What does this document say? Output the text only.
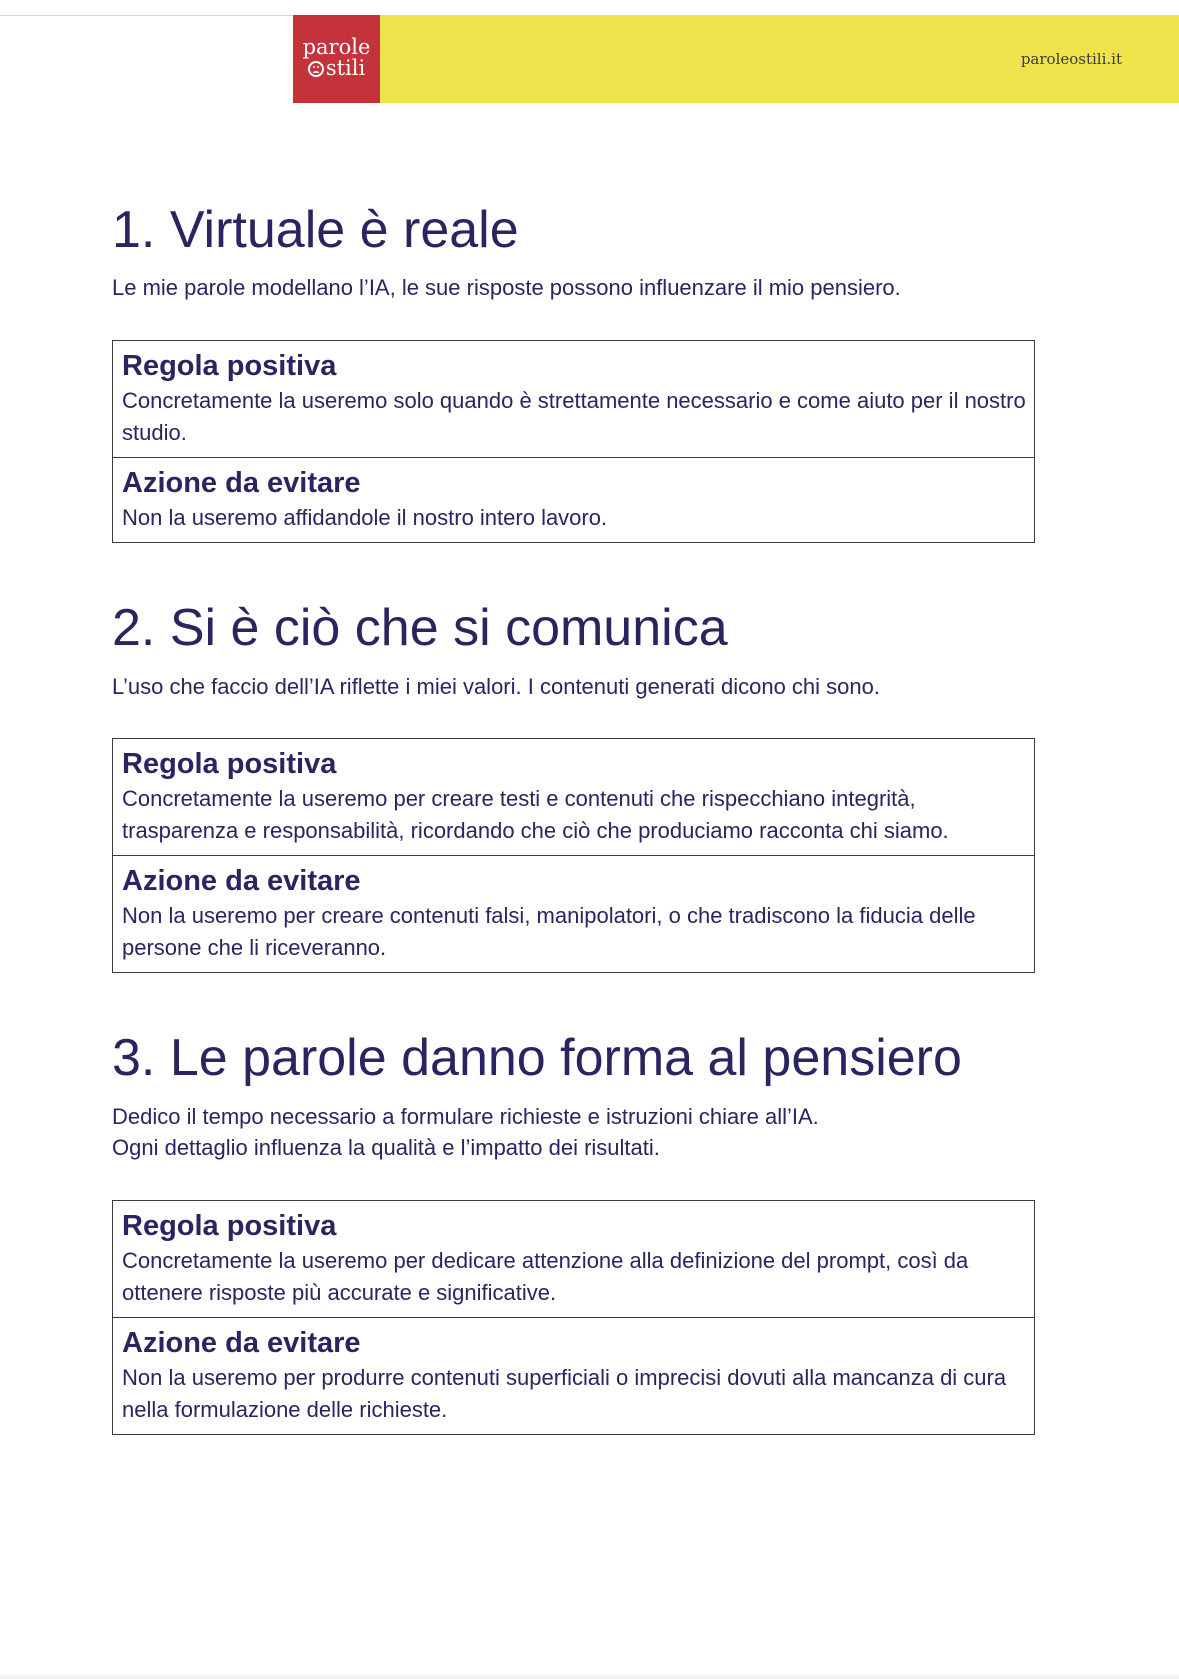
parole
stili	paroleostili.it
1. Virtuale è reale

Le mie parole modellano l’IA, le sue risposte possono influenzare il mio pensiero.

Regola positiva

Concretamente la useremo solo quando è strettamente necessario e come aiuto per il nostro studio.

Azione da evitare

Non la useremo affidandole il nostro intero lavoro.

2. Si è ciò che si comunica

L’uso che faccio dell’IA riflette i miei valori. I contenuti generati dicono chi sono.

Regola positiva

Concretamente la useremo per creare testi e contenuti che rispecchiano integrità, trasparenza e responsabilità, ricordando che ciò che produciamo racconta chi siamo.

Azione da evitare

Non la useremo per creare contenuti falsi, manipolatori, o che tradiscono la fiducia delle persone che li riceveranno.

3. Le parole danno forma al pensiero

Dedico il tempo necessario a formulare richieste e istruzioni chiare all’IA.
Ogni dettaglio influenza la qualità e l’impatto dei risultati.

Regola positiva

Concretamente la useremo per dedicare attenzione alla definizione del prompt, così da ottenere risposte più accurate e significative.

Azione da evitare

Non la useremo per produrre contenuti superficiali o imprecisi dovuti alla mancanza di cura nella formulazione delle richieste.
